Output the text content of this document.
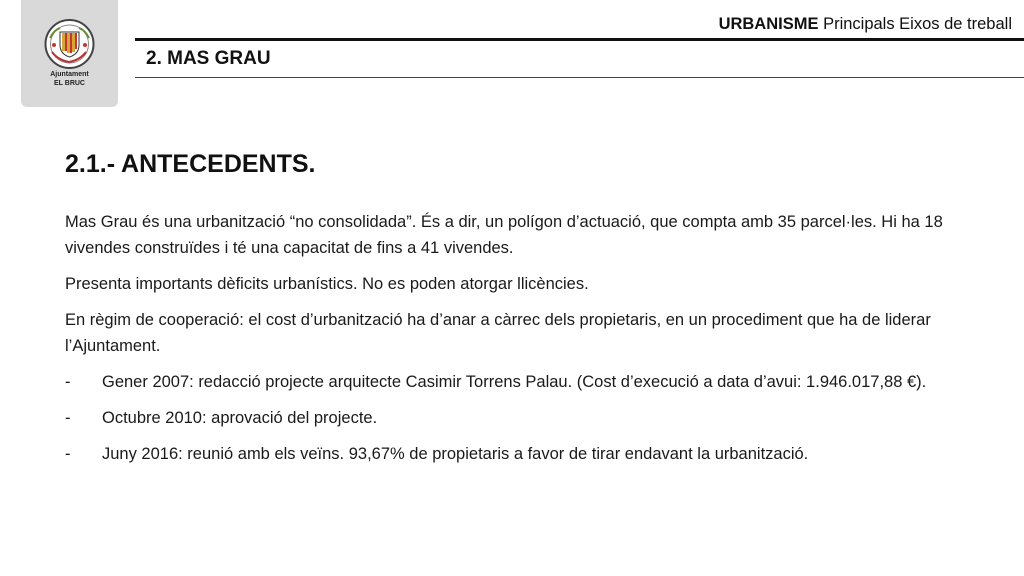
Ajuntament
EL BRUC
URBANISME Principals Eixos de treball
2. MAS GRAU
2.1.- ANTECEDENTS.

Mas Grau és una urbanització “no consolidada”. És a dir, un polígon d’actuació, que compta amb 35 parcel·les. Hi ha 18 vivendes construïdes i té una capacitat de fins a 41 vivendes.

Presenta importants dèficits urbanístics. No es poden atorgar llicències.

En règim de cooperació: el cost d’urbanització ha d’anar a càrrec dels propietaris, en un procediment que ha de liderar l’Ajuntament.

-	Gener 2007: redacció projecte arquitecte Casimir Torrens Palau. (Cost d’execució a data d’avui: 1.946.017,88 €).
-	Octubre 2010: aprovació del projecte.
-	Juny 2016: reunió amb els veïns. 93,67% de propietaris a favor de tirar endavant la urbanització.
